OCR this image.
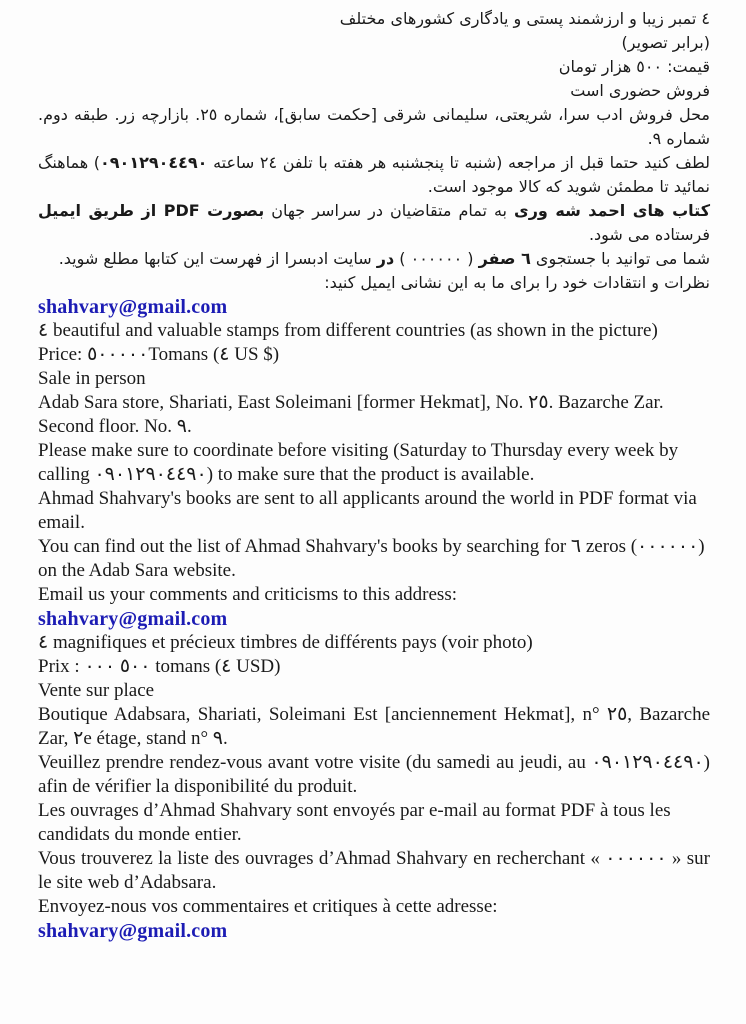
٤ تمبر زیبا و ارزشمند پستی و یادگاری کشورهای مختلف

(برابر تصویر)

قیمت: ٥٠٠ هزار تومان

فروش حضوری است

محل فروش ادب سرا، شریعتی، سلیمانی شرقی [حکمت سابق]، شماره ٢٥. بازارچه زر. طبقه دوم. شماره ٩.

لطف کنید حتما قبل از مراجعه (شنبه تا پنجشنبه هر هفته با تلفن ٢٤ ساعته ٠٩٠١٢٩٠٤٤٩٠) هماهنگ نمائید تا مطمئن شوید که کالا موجود است.

کتاب های احمد شه وری به تمام متقاضیان در سراسر جهان بصورت PDF از طریق ایمیل فرستاده می شود.

شما می توانید با جستجوی ٦ صفر ( ٠٠٠٠٠٠ ) در سایت ادبسرا از فهرست این کتابها مطلع شوید.

نظرات و انتقادات خود را برای ما به این نشانی ایمیل کنید:

shahvary@gmail.com

٤ beautiful and valuable stamps from different countries (as shown in the picture)

Price: ٥٠٠٠٠٠Tomans (٤ US $)

Sale in person

Adab Sara store, Shariati, East Soleimani [former Hekmat], No. ٢٥. Bazarche Zar. Second floor. No. ٩.

Please make sure to coordinate before visiting (Saturday to Thursday every week by calling ٠٩٠١٢٩٠٤٤٩٠) to make sure that the product is available.

Ahmad Shahvary's books are sent to all applicants around the world in PDF format via email.

You can find out the list of Ahmad Shahvary's books by searching for ٦ zeros (٠٠٠٠٠٠) on the Adab Sara website.

Email us your comments and criticisms to this address:

shahvary@gmail.com

٤ magnifiques et précieux timbres de différents pays (voir photo)

Prix : ٥٠٠ ٠٠٠ tomans (٤ USD)

Vente sur place

Boutique Adabsara, Shariati, Soleimani Est [anciennement Hekmat], n° ٢٥, Bazarche Zar, ٢e étage, stand n° ٩.

Veuillez prendre rendez-vous avant votre visite (du samedi au jeudi, au ٠٩٠١٢٩٠٤٤٩٠) afin de vérifier la disponibilité du produit.

Les ouvrages d’Ahmad Shahvary sont envoyés par e-mail au format PDF à tous les candidats du monde entier.

Vous trouverez la liste des ouvrages d’Ahmad Shahvary en recherchant « ٠٠٠٠٠٠ » sur le site web d’Adabsara.

Envoyez-nous vos commentaires et critiques à cette adresse:

shahvary@gmail.com
